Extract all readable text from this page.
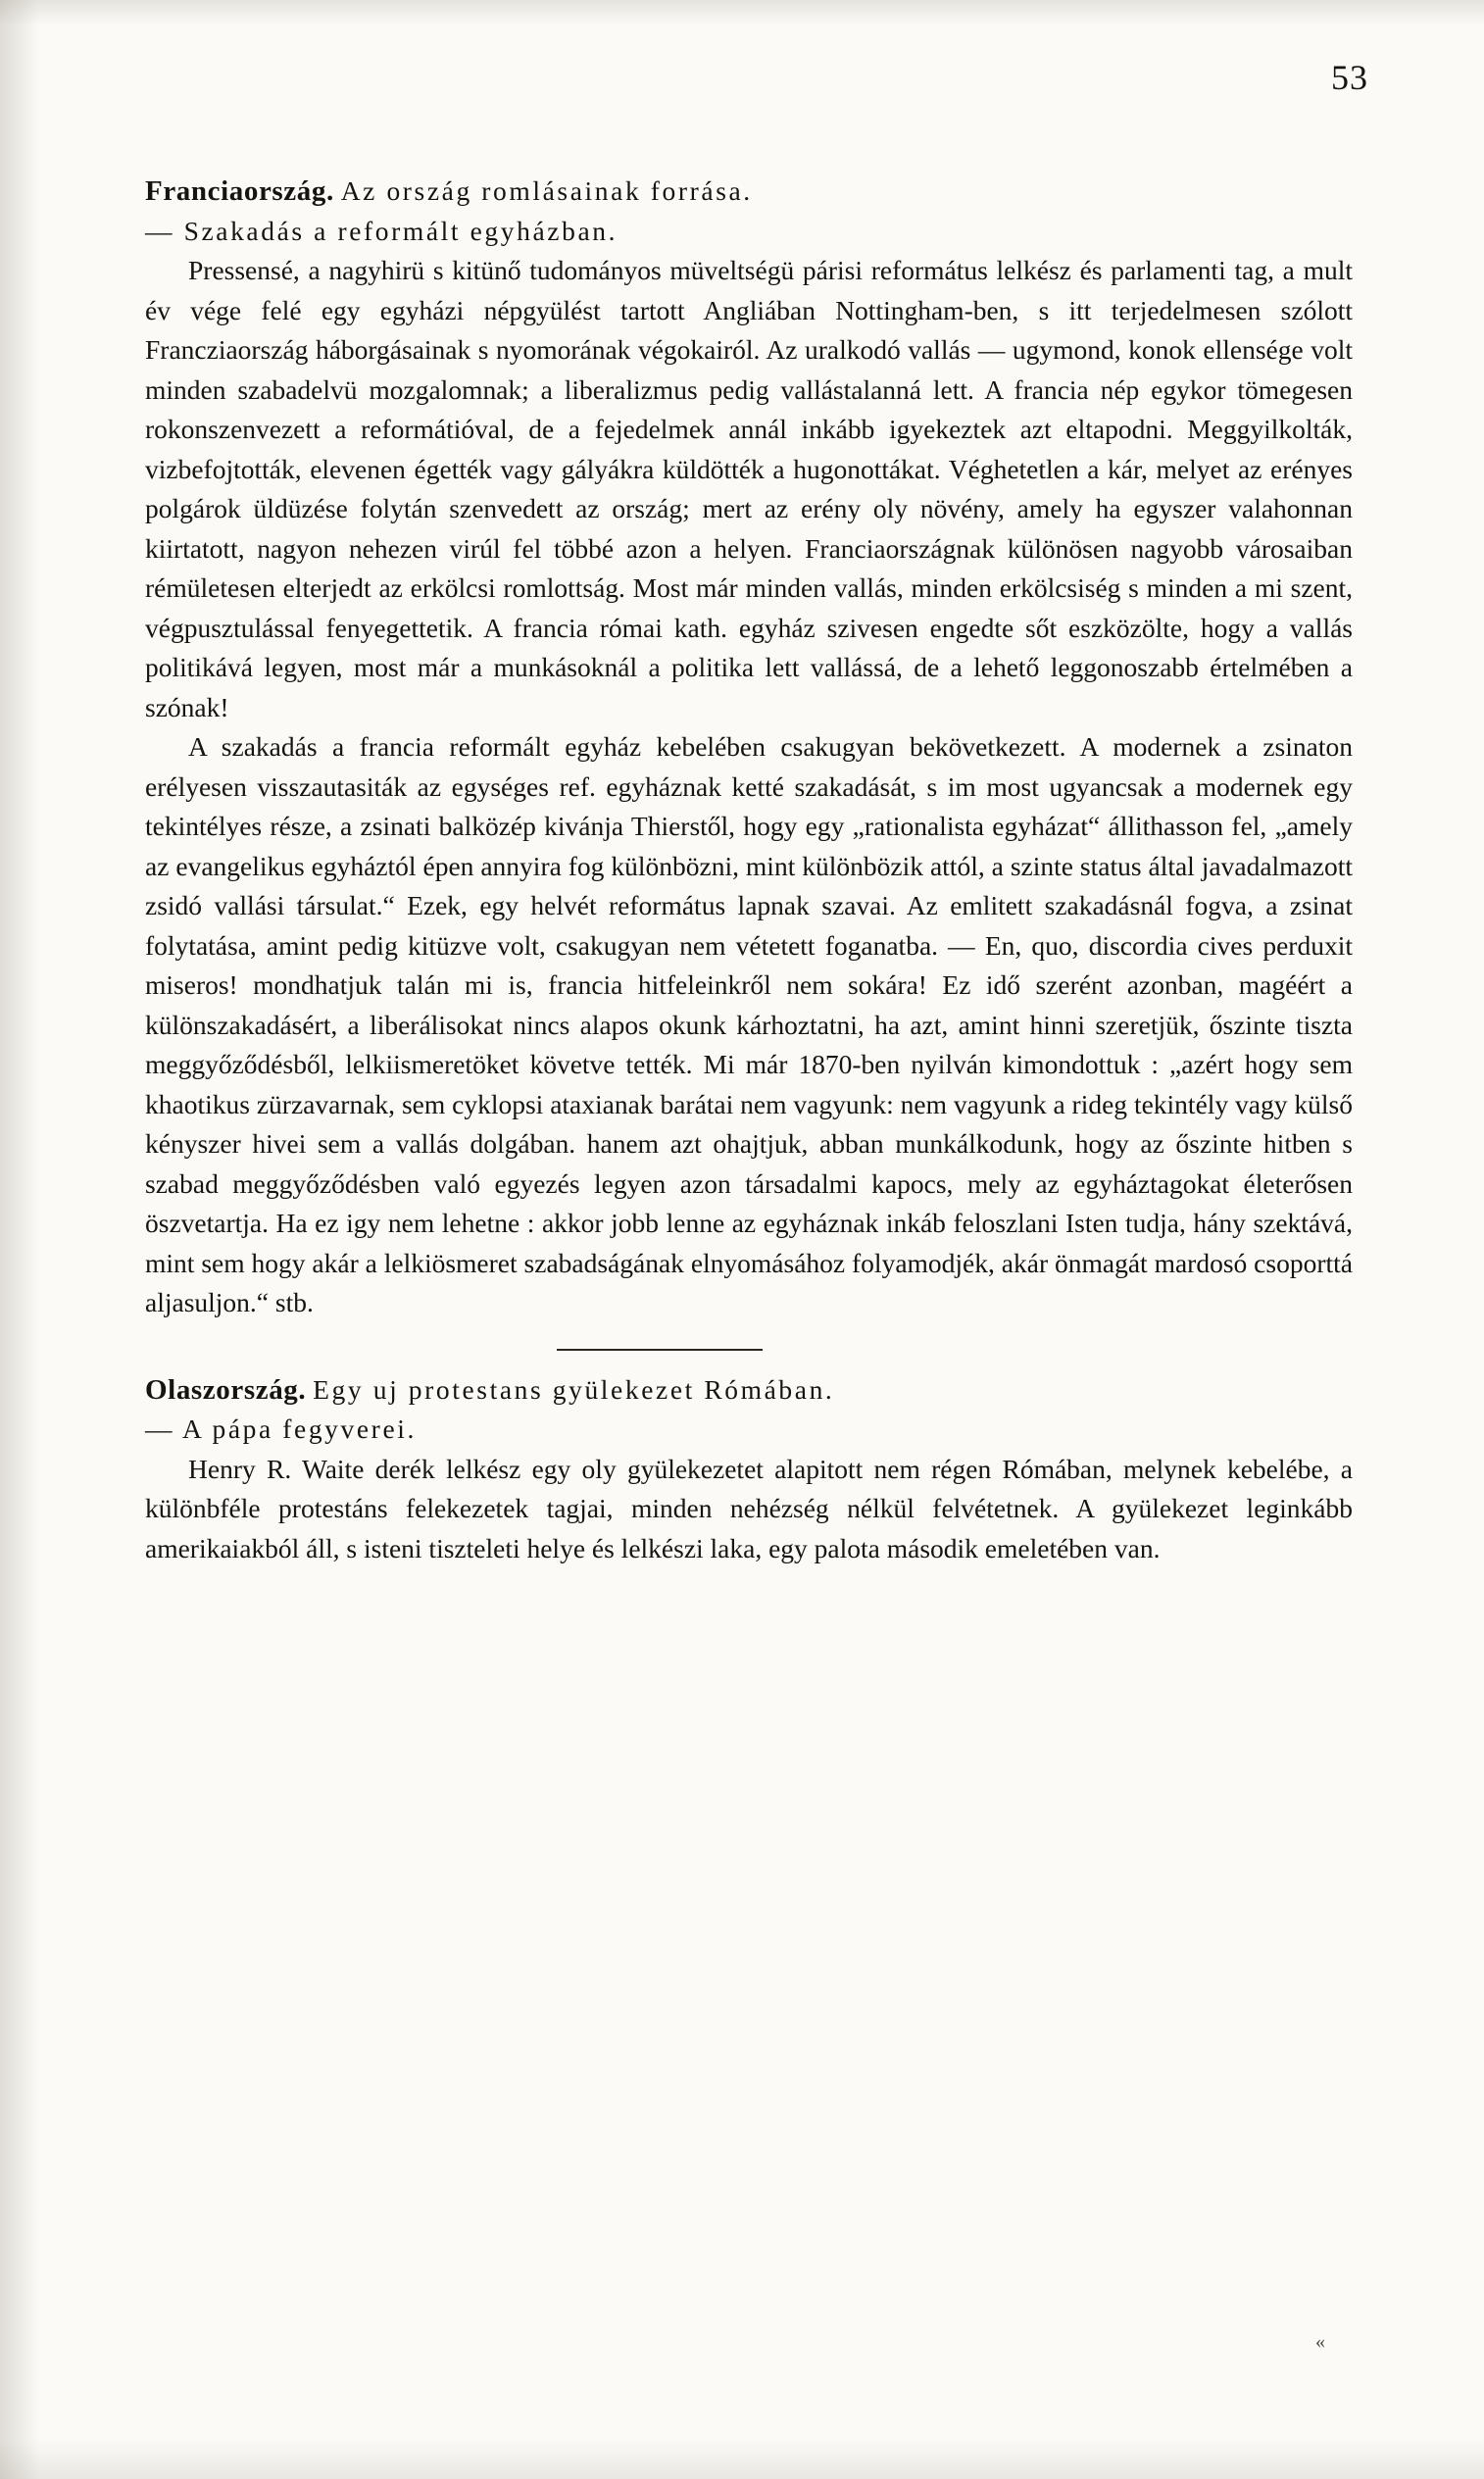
53

Franciaország. Az ország romlásainak forrása.
— Szakadás a reformált egyházban.

Pressensé, a nagyhirü s kitünő tudományos müveltségü párisi református lelkész és parlamenti tag, a mult év vége felé egy egyházi népgyülést tartott Angliában Nottingham-ben, s itt terjedelmesen szólott Francziaország háborgásainak s nyomorának végokairól. Az uralkodó vallás — ugymond, konok ellensége volt minden szabadelvü mozgalomnak; a liberalizmus pedig vallástalanná lett. A francia nép egykor tömegesen rokonszenvezett a reformátióval, de a fejedelmek annál inkább igyekeztek azt eltapodni. Meggyilkolták, vizbefojtották, elevenen égették vagy gályákra küldötték a hugonottákat. Véghetetlen a kár, melyet az erényes polgárok üldüzése folytán szenvedett az ország; mert az erény oly növény, amely ha egyszer valahonnan kiirtatott, nagyon nehezen virúl fel többé azon a helyen. Franciaországnak különösen nagyobb városaiban rémületesen elterjedt az erkölcsi romlottság. Most már minden vallás, minden erkölcsiség s minden a mi szent, végpusztulással fenyegettetik. A francia római kath. egyház szivesen engedte sőt eszközölte, hogy a vallás politikává legyen, most már a munkásoknál a politika lett vallássá, de a lehető leggonoszabb értelmében a szónak!

A szakadás a francia reformált egyház kebelében csakugyan bekövetkezett. A modernek a zsinaton erélyesen visszautasiták az egységes ref. egyháznak ketté szakadását, s im most ugyancsak a modernek egy tekintélyes része, a zsinati balközép kivánja Thierstől, hogy egy „rationalista egyházat“ állithasson fel, „amely az evangelikus egyháztól épen annyira fog különbözni, mint különbözik attól, a szinte status által javadalmazott zsidó vallási társulat.“ Ezek, egy helvét református lapnak szavai. Az emlitett szakadásnál fogva, a zsinat folytatása, amint pedig kitüzve volt, csakugyan nem vétetett foganatba. — En, quo, discordia cives perduxit miseros! mondhatjuk talán mi is, francia hitfeleinkről nem sokára! Ez idő szerént azonban, magéért a különszakadásért, a liberálisokat nincs alapos okunk kárhoztatni, ha azt, amint hinni szeretjük, őszinte tiszta meggyőződésből, lelkiismeretöket követve tették. Mi már 1870-ben nyilván kimondottuk : „azért hogy sem khaotikus zürzavarnak, sem cyklopsi ataxianak barátai nem vagyunk: nem vagyunk a rideg tekintély vagy külső kényszer hivei sem a vallás dolgában. hanem azt ohajtjuk, abban munkálkodunk, hogy az őszinte hitben s szabad meggyőződésben való egyezés legyen azon társadalmi kapocs, mely az egyháztagokat életerősen öszvetartja. Ha ez igy nem lehetne : akkor jobb lenne az egyháznak inkáb feloszlani Isten tudja, hány szektává, mint sem hogy akár a lelkiösmeret szabadságának elnyomásához folyamodjék, akár önmagát mardosó csoporttá aljasuljon.“ stb.

Olaszország. Egy uj protestans gyülekezet Rómában.
— A pápa fegyverei.

Henry R. Waite derék lelkész egy oly gyülekezetet alapitott nem régen Rómában, melynek kebelébe, a különbféle protestáns felekezetek tagjai, minden nehézség nélkül felvétetnek. A gyülekezet leginkább amerikaiakból áll, s isteni tiszteleti helye és lelkészi laka, egy palota második emeletében van.

«
